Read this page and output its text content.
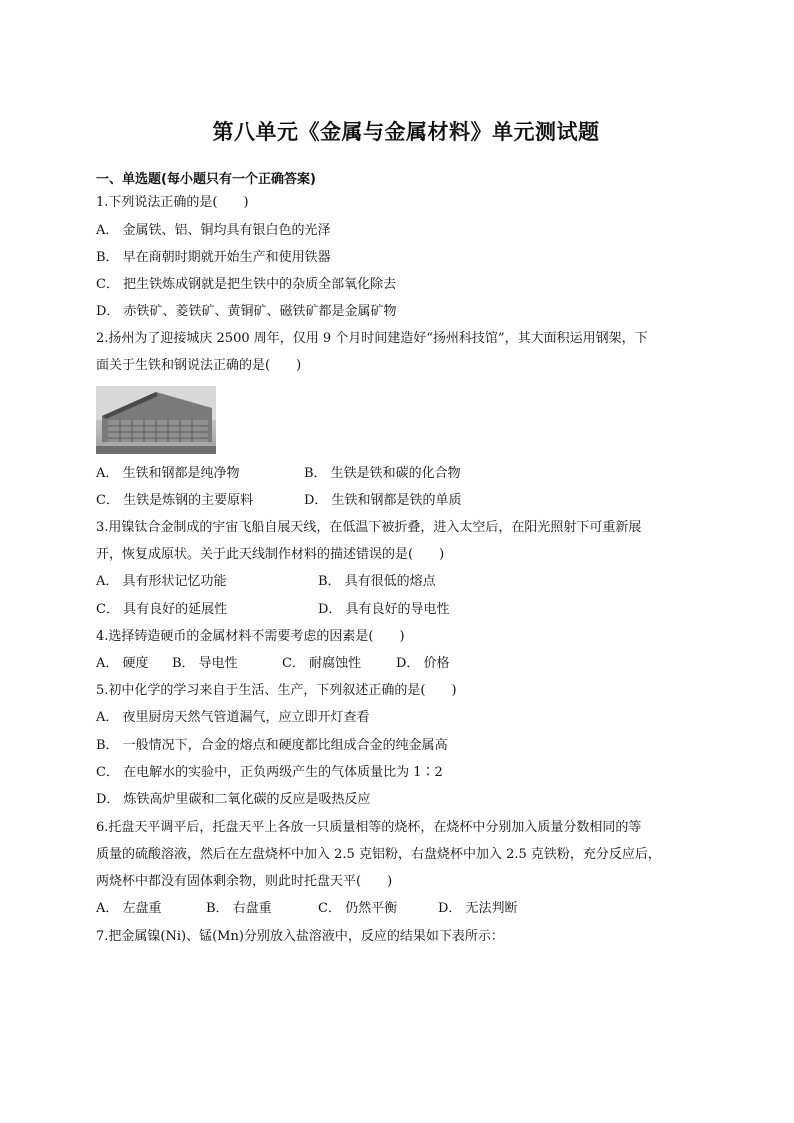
第八单元《金属与金属材料》单元测试题
一、单选题(每小题只有一个正确答案)
1.下列说法正确的是(　　)
A． 金属铁、铝、铜均具有银白色的光泽
B． 早在商朝时期就开始生产和使用铁器
C． 把生铁炼成钢就是把生铁中的杂质全部氧化除去
D． 赤铁矿、菱铁矿、黄铜矿、磁铁矿都是金属矿物
2.扬州为了迎接城庆 2500 周年，仅用 9 个月时间建造好“扬州科技馆”，其大面积运用钢架，下
面关于生铁和钢说法正确的是(　　)
A． 生铁和钢都是纯净物	B． 生铁是铁和碳的化合物
C． 生铁是炼钢的主要原料	D． 生铁和钢都是铁的单质
3.用镍钛合金制成的宇宙飞船自展天线，在低温下被折叠，进入太空后，在阳光照射下可重新展
开，恢复成原状。关于此天线制作材料的描述错误的是(　　)
A． 具有形状记忆功能	B． 具有很低的熔点
C． 具有良好的延展性	D． 具有良好的导电性
4.选择铸造硬币的金属材料不需要考虑的因素是(　　)
A． 硬度 B． 导电性	C． 耐腐蚀性	D． 价格
5.初中化学的学习来自于生活、生产，下列叙述正确的是(　　)
A． 夜里厨房天然气管道漏气，应立即开灯查看
B． 一般情况下，合金的熔点和硬度都比组成合金的纯金属高
C． 在电解水的实验中，正负两级产生的气体质量比为 1∶2
D． 炼铁高炉里碳和二氧化碳的反应是吸热反应
6.托盘天平调平后，托盘天平上各放一只质量相等的烧杯，在烧杯中分别加入质量分数相同的等
质量的硫酸溶液，然后在左盘烧杯中加入 2.5 克铝粉，右盘烧杯中加入 2.5 克铁粉，充分反应后，
两烧杯中都没有固体剩余物，则此时托盘天平(　　)
A． 左盘重	B． 右盘重	C． 仍然平衡	D． 无法判断
7.把金属镍(Ni)、锰(Mn)分别放入盐溶液中，反应的结果如下表所示：
